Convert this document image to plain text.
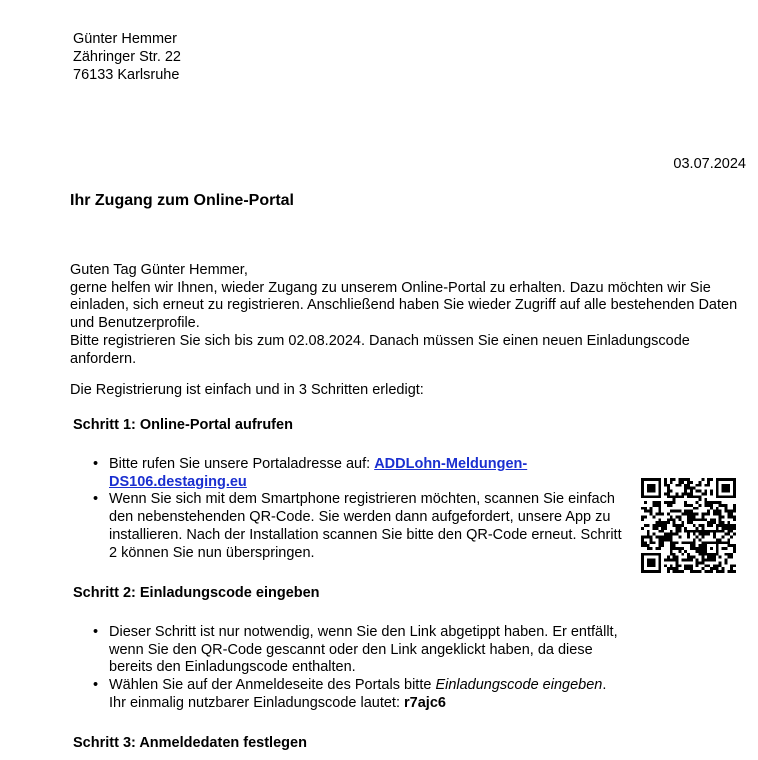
Günter Hemmer
Zähringer Str. 22
76133 Karlsruhe
03.07.2024
Ihr Zugang zum Online-Portal

Guten Tag Günter Hemmer,

gerne helfen wir Ihnen, wieder Zugang zu unserem Online-Portal zu erhalten. Dazu möchten wir Sie einladen, sich erneut zu registrieren. Anschließend haben Sie wieder Zugriff auf alle bestehenden Daten und Benutzerprofile.

Bitte registrieren Sie sich bis zum 02.08.2024. Danach müssen Sie einen neuen Einladungscode anfordern.

Die Registrierung ist einfach und in 3 Schritten erledigt:
Schritt 1: Online-Portal aufrufen
• Bitte rufen Sie unsere Portaladresse auf: ADDLohn-Meldungen-DS106.destaging.eu
• Wenn Sie sich mit dem Smartphone registrieren möchten, scannen Sie einfach den nebenstehenden QR-Code. Sie werden dann aufgefordert, unsere App zu installieren. Nach der Installation scannen Sie bitte den QR-Code erneut. Schritt 2 können Sie nun überspringen.
Schritt 2: Einladungscode eingeben
• Dieser Schritt ist nur notwendig, wenn Sie den Link abgetippt haben. Er entfällt, wenn Sie den QR-Code gescannt oder den Link angeklickt haben, da diese bereits den Einladungscode enthalten.
• Wählen Sie auf der Anmeldeseite des Portals bitte Einladungscode eingeben.
Ihr einmalig nutzbarer Einladungscode lautet: r7ajc6
Schritt 3: Anmeldedaten festlegen
